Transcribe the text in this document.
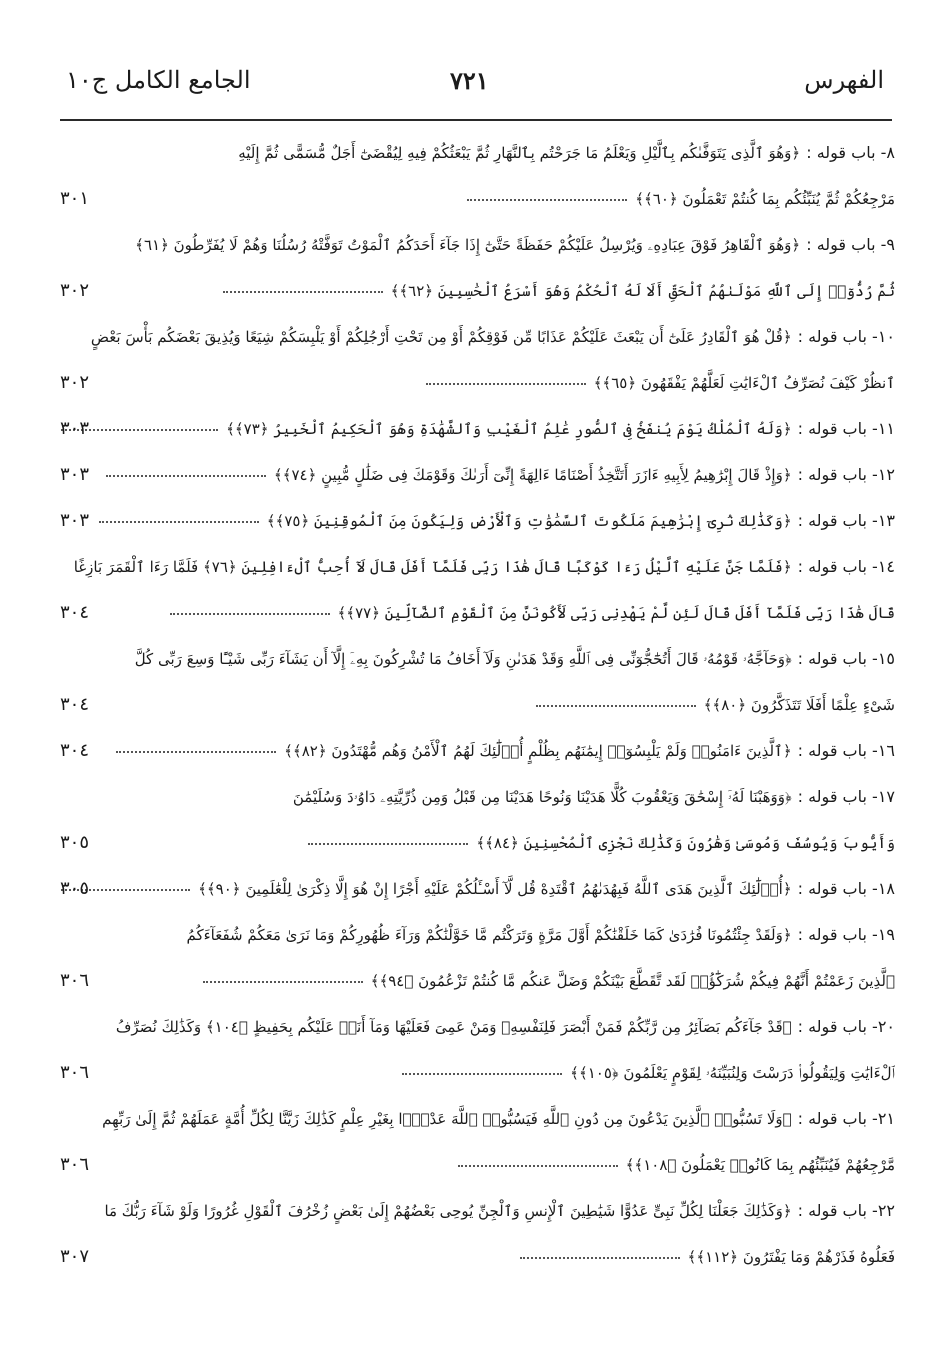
الجامع الكامل ج١٠	٧٢١	الفهرس
٨- باب قوله :﴿وَهُوَ ٱلَّذِى يَتَوَفَّىٰكُم بِٱلَّيْلِ وَيَعْلَمُ مَا جَرَحْتُم بِٱلنَّهَارِ ثُمَّ يَبْعَثُكُمْ فِيهِ لِيُقْضَىٰٓ أَجَلٌ مُّسَمًّى ثُمَّ إِلَيْهِ
مَرْجِعُكُمْ ثُمَّ يُنَبِّئُكُم بِمَا كُنتُمْ تَعْمَلُونَ ﴿٦٠﴾﴾
٣٠١
٩- باب قوله :﴿وَهُوَ ٱلْقَاهِرُ فَوْقَ عِبَادِهِۦ وَيُرْسِلُ عَلَيْكُمْ حَفَظَةً حَتَّىٰٓ إِذَا جَآءَ أَحَدَكُمُ ٱلْمَوْتُ تَوَفَّتْهُ رُسُلُنَا وَهُمْ لَا يُفَرِّطُونَ ﴿٦١﴾
ثُمَّ رُدُّوٓا۟ إِلَى ٱللَّهِ مَوْلَىٰهُمُ ٱلْحَقِّ أَلَا لَهُ ٱلْحُكْمُ وَهُوَ أَسْرَعُ ٱلْحَٰسِبِينَ ﴿٦٢﴾﴾
٣٠٢
١٠- باب قوله :﴿قُلْ هُوَ ٱلْقَادِرُ عَلَىٰٓ أَن يَبْعَثَ عَلَيْكُمْ عَذَابًا مِّن فَوْقِكُمْ أَوْ مِن تَحْتِ أَرْجُلِكُمْ أَوْ يَلْبِسَكُمْ شِيَعًا وَيُذِيقَ بَعْضَكُم بَأْسَ بَعْضٍ
ٱنظُرْ كَيْفَ نُصَرِّفُ ٱلْءَايَٰتِ لَعَلَّهُمْ يَفْقَهُونَ ﴿٦٥﴾﴾
٣٠٢
١١- باب قوله :﴿وَلَهُ ٱلْمُلْكُ يَوْمَ يُنفَخُ فِى ٱلصُّورِ عَٰلِمُ ٱلْغَيْبِ وَٱلشَّهَٰدَةِ وَهُوَ ٱلْحَكِيمُ ٱلْخَبِيرُ ﴿٧٣﴾﴾
٣٠٣
١٢- باب قوله :﴿وَإِذْ قَالَ إِبْرَٰهِيمُ لِأَبِيهِ ءَازَرَ أَتَتَّخِذُ أَصْنَامًا ءَالِهَةً إِنِّىٓ أَرَىٰكَ وَقَوْمَكَ فِى ضَلَٰلٍ مُّبِينٍ ﴿٧٤﴾﴾
٣٠٣
١٣- باب قوله :﴿وَكَذَٰلِكَ نُرِىٓ إِبْرَٰهِيمَ مَلَكُوتَ ٱلسَّمَٰوَٰتِ وَٱلْأَرْضِ وَلِيَكُونَ مِنَ ٱلْمُوقِنِينَ ﴿٧٥﴾﴾
٣٠٣
١٤- باب قوله :﴿فَلَمَّا جَنَّ عَلَيْهِ ٱلَّيْلُ رَءَا كَوْكَبًا قَالَ هَٰذَا رَبِّى فَلَمَّآ أَفَلَ قَالَ لَآ أُحِبُّ ٱلْءَافِلِينَ ﴿٧٦﴾ فَلَمَّا رَءَا ٱلْقَمَرَ بَازِغًا
قَالَ هَٰذَا رَبِّى فَلَمَّآ أَفَلَ قَالَ لَئِن لَّمْ يَهْدِنِى رَبِّى لَأَكُونَنَّ مِنَ ٱلْقَوْمِ ٱلضَّآلِّينَ ﴿٧٧﴾﴾
٣٠٤
١٥- باب قوله :﴿وَحَآجَّهُۥ قَوْمُهُۥ قَالَ أَتُحَٰٓجُّوٓنِّى فِى ٱللَّهِ وَقَدْ هَدَىٰنِ وَلَآ أَخَافُ مَا تُشْرِكُونَ بِهِۦٓ إِلَّآ أَن يَشَآءَ رَبِّى شَيْـًٔا وَسِعَ رَبِّى كُلَّ
شَىْءٍ عِلْمًا أَفَلَا تَتَذَكَّرُونَ ﴿٨٠﴾﴾
٣٠٤
١٦- باب قوله :﴿ٱلَّذِينَ ءَامَنُوا۟ وَلَمْ يَلْبِسُوٓا۟ إِيمَٰنَهُم بِظُلْمٍ أُو۟لَٰٓئِكَ لَهُمُ ٱلْأَمْنُ وَهُم مُّهْتَدُونَ ﴿٨٢﴾﴾
٣٠٤
١٧- باب قوله :﴿وَوَهَبْنَا لَهُۥٓ إِسْحَٰقَ وَيَعْقُوبَ كُلًّا هَدَيْنَا وَنُوحًا هَدَيْنَا مِن قَبْلُ وَمِن ذُرِّيَّتِهِۦ دَاوُۥدَ وَسُلَيْمَٰنَ
وَأَيُّوبَ وَيُوسُفَ وَمُوسَىٰ وَهَٰرُونَ وَكَذَٰلِكَ نَجْزِى ٱلْمُحْسِنِينَ ﴿٨٤﴾﴾
٣٠٥
١٨- باب قوله :﴿أُو۟لَٰٓئِكَ ٱلَّذِينَ هَدَى ٱللَّهُ فَبِهُدَىٰهُمُ ٱقْتَدِهْ قُل لَّآ أَسْـَٔلُكُمْ عَلَيْهِ أَجْرًا إِنْ هُوَ إِلَّا ذِكْرَىٰ لِلْعَٰلَمِينَ ﴿٩٠﴾﴾
٣٠٥
١٩- باب قوله :﴿وَلَقَدْ جِئْتُمُونَا فُرَٰدَىٰ كَمَا خَلَقْنَٰكُمْ أَوَّلَ مَرَّةٍ وَتَرَكْتُم مَّا خَوَّلْنَٰكُمْ وَرَآءَ ظُهُورِكُمْ وَمَا نَرَىٰ مَعَكُمْ شُفَعَآءَكُمُ
ٱلَّذِينَ زَعَمْتُمْ أَنَّهُمْ فِيكُمْ شُرَكَٰٓؤُا۟ لَقَد تَّقَطَّعَ بَيْنَكُمْ وَضَلَّ عَنكُم مَّا كُنتُمْ تَزْعُمُونَ ﴿٩٤﴾﴾
٣٠٦
٢٠- باب قوله :﴿قَدْ جَآءَكُم بَصَآئِرُ مِن رَّبِّكُمْ فَمَنْ أَبْصَرَ فَلِنَفْسِهِۦ وَمَنْ عَمِىَ فَعَلَيْهَا وَمَآ أَنَا۠ عَلَيْكُم بِحَفِيظٍ ﴿١٠٤﴾ وَكَذَٰلِكَ نُصَرِّفُ
ٱلْءَايَٰتِ وَلِيَقُولُوا۟ دَرَسْتَ وَلِنُبَيِّنَهُۥ لِقَوْمٍ يَعْلَمُونَ ﴿١٠٥﴾﴾
٣٠٦
٢١- باب قوله :﴿وَلَا تَسُبُّوا۟ ٱلَّذِينَ يَدْعُونَ مِن دُونِ ٱللَّهِ فَيَسُبُّوا۟ ٱللَّهَ عَدْوًۢا بِغَيْرِ عِلْمٍ كَذَٰلِكَ زَيَّنَّا لِكُلِّ أُمَّةٍ عَمَلَهُمْ ثُمَّ إِلَىٰ رَبِّهِم
مَّرْجِعُهُمْ فَيُنَبِّئُهُم بِمَا كَانُوا۟ يَعْمَلُونَ ﴿١٠٨﴾﴾
٣٠٦
٢٢- باب قوله :﴿وَكَذَٰلِكَ جَعَلْنَا لِكُلِّ نَبِىٍّ عَدُوًّا شَيَٰطِينَ ٱلْإِنسِ وَٱلْجِنِّ يُوحِى بَعْضُهُمْ إِلَىٰ بَعْضٍ زُخْرُفَ ٱلْقَوْلِ غُرُورًا وَلَوْ شَآءَ رَبُّكَ مَا
فَعَلُوهُ فَذَرْهُمْ وَمَا يَفْتَرُونَ ﴿١١٢﴾﴾
٣٠٧
